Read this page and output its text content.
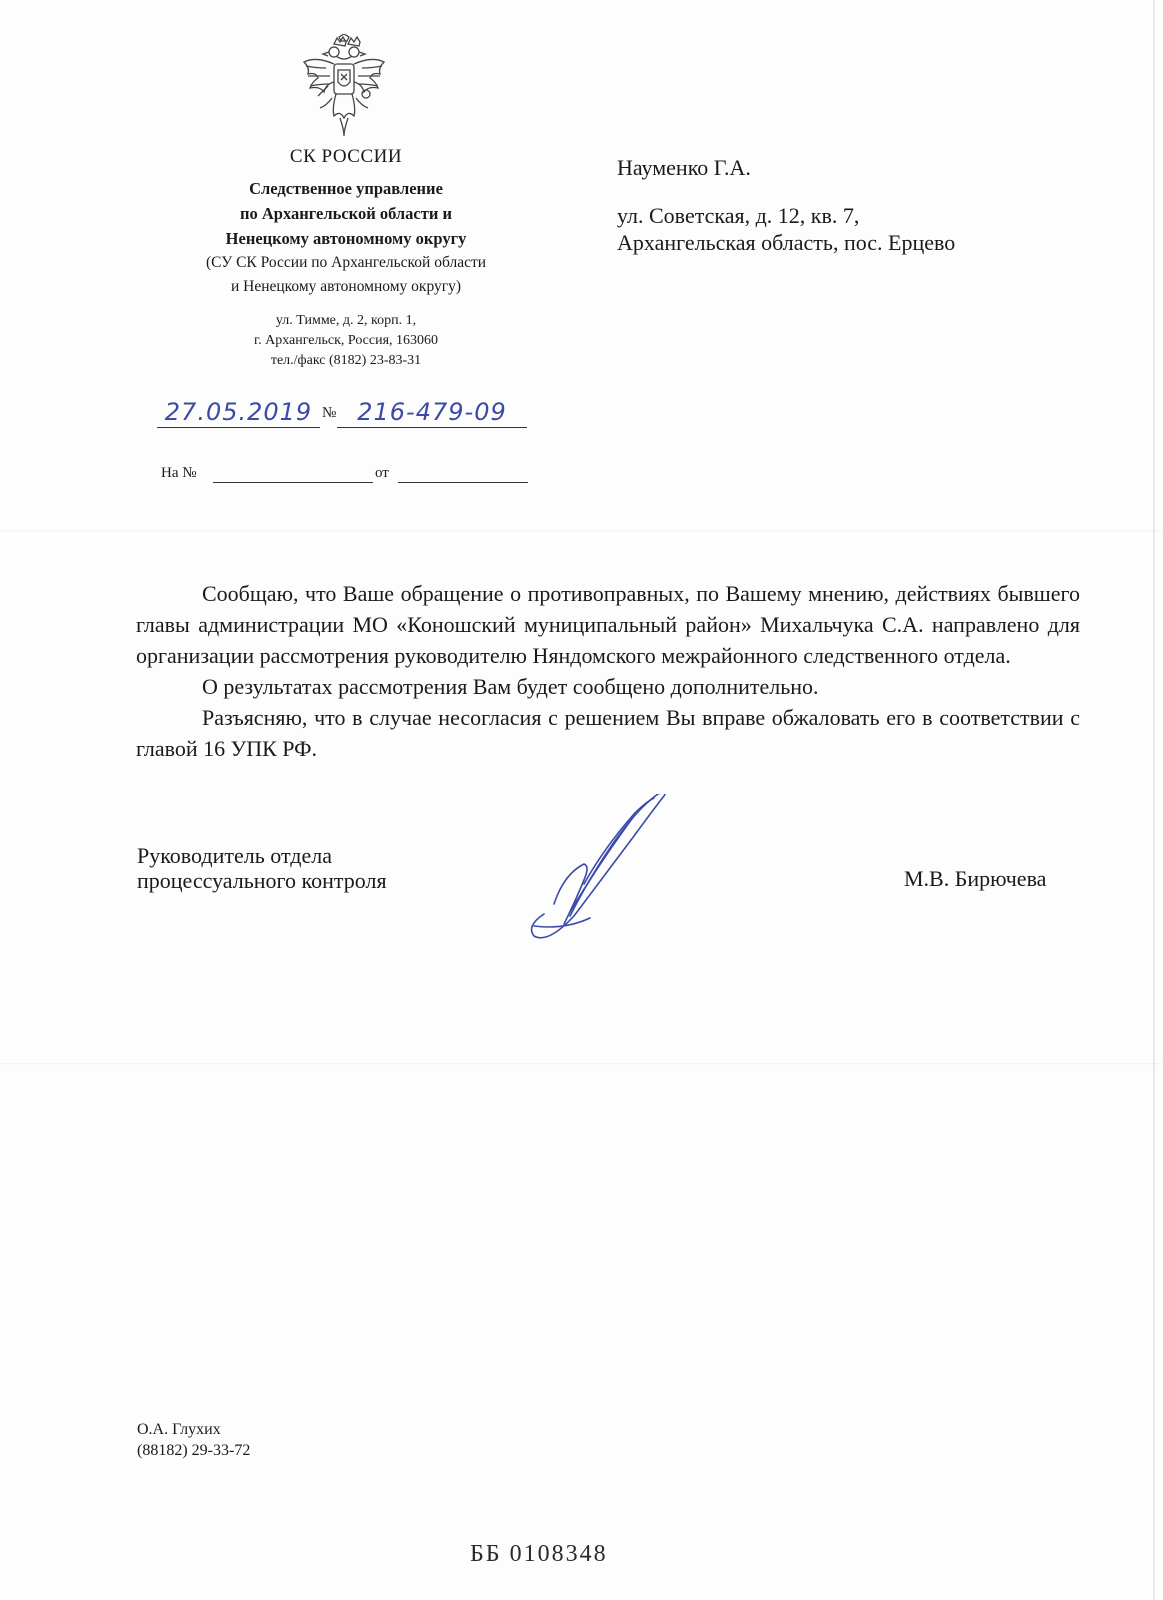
СК РОССИИ
Следственное управление
по Архангельской области и
Ненецкому автономному округу
(СУ СК России по Архангельской области
и Ненецкому автономному округу)
ул. Тимме, д. 2, корп. 1,
г. Архангельск, Россия, 163060
тел./факс (8182) 23-83-31
27.05.2019 № 216-479-09
На №	от
Науменко Г.А.
ул. Советская, д. 12, кв. 7,
Архангельская область, пос. Ерцево

Сообщаю, что Ваше обращение о противоправных, по Вашему мнению, действиях бывшего главы администрации МО «Коношский муниципальный район» Михальчука С.А. направлено для организации рассмотрения руководителю Няндомского межрайонного следственного отдела.

О результатах рассмотрения Вам будет сообщено дополнительно.

Разъясняю, что в случае несогласия с решением Вы вправе обжаловать его в соответствии с главой 16 УПК РФ.

Руководитель отдела
процессуального контроля	М.В. Бирючева
О.А. Глухих
(88182) 29-33-72
ББ 0108348
